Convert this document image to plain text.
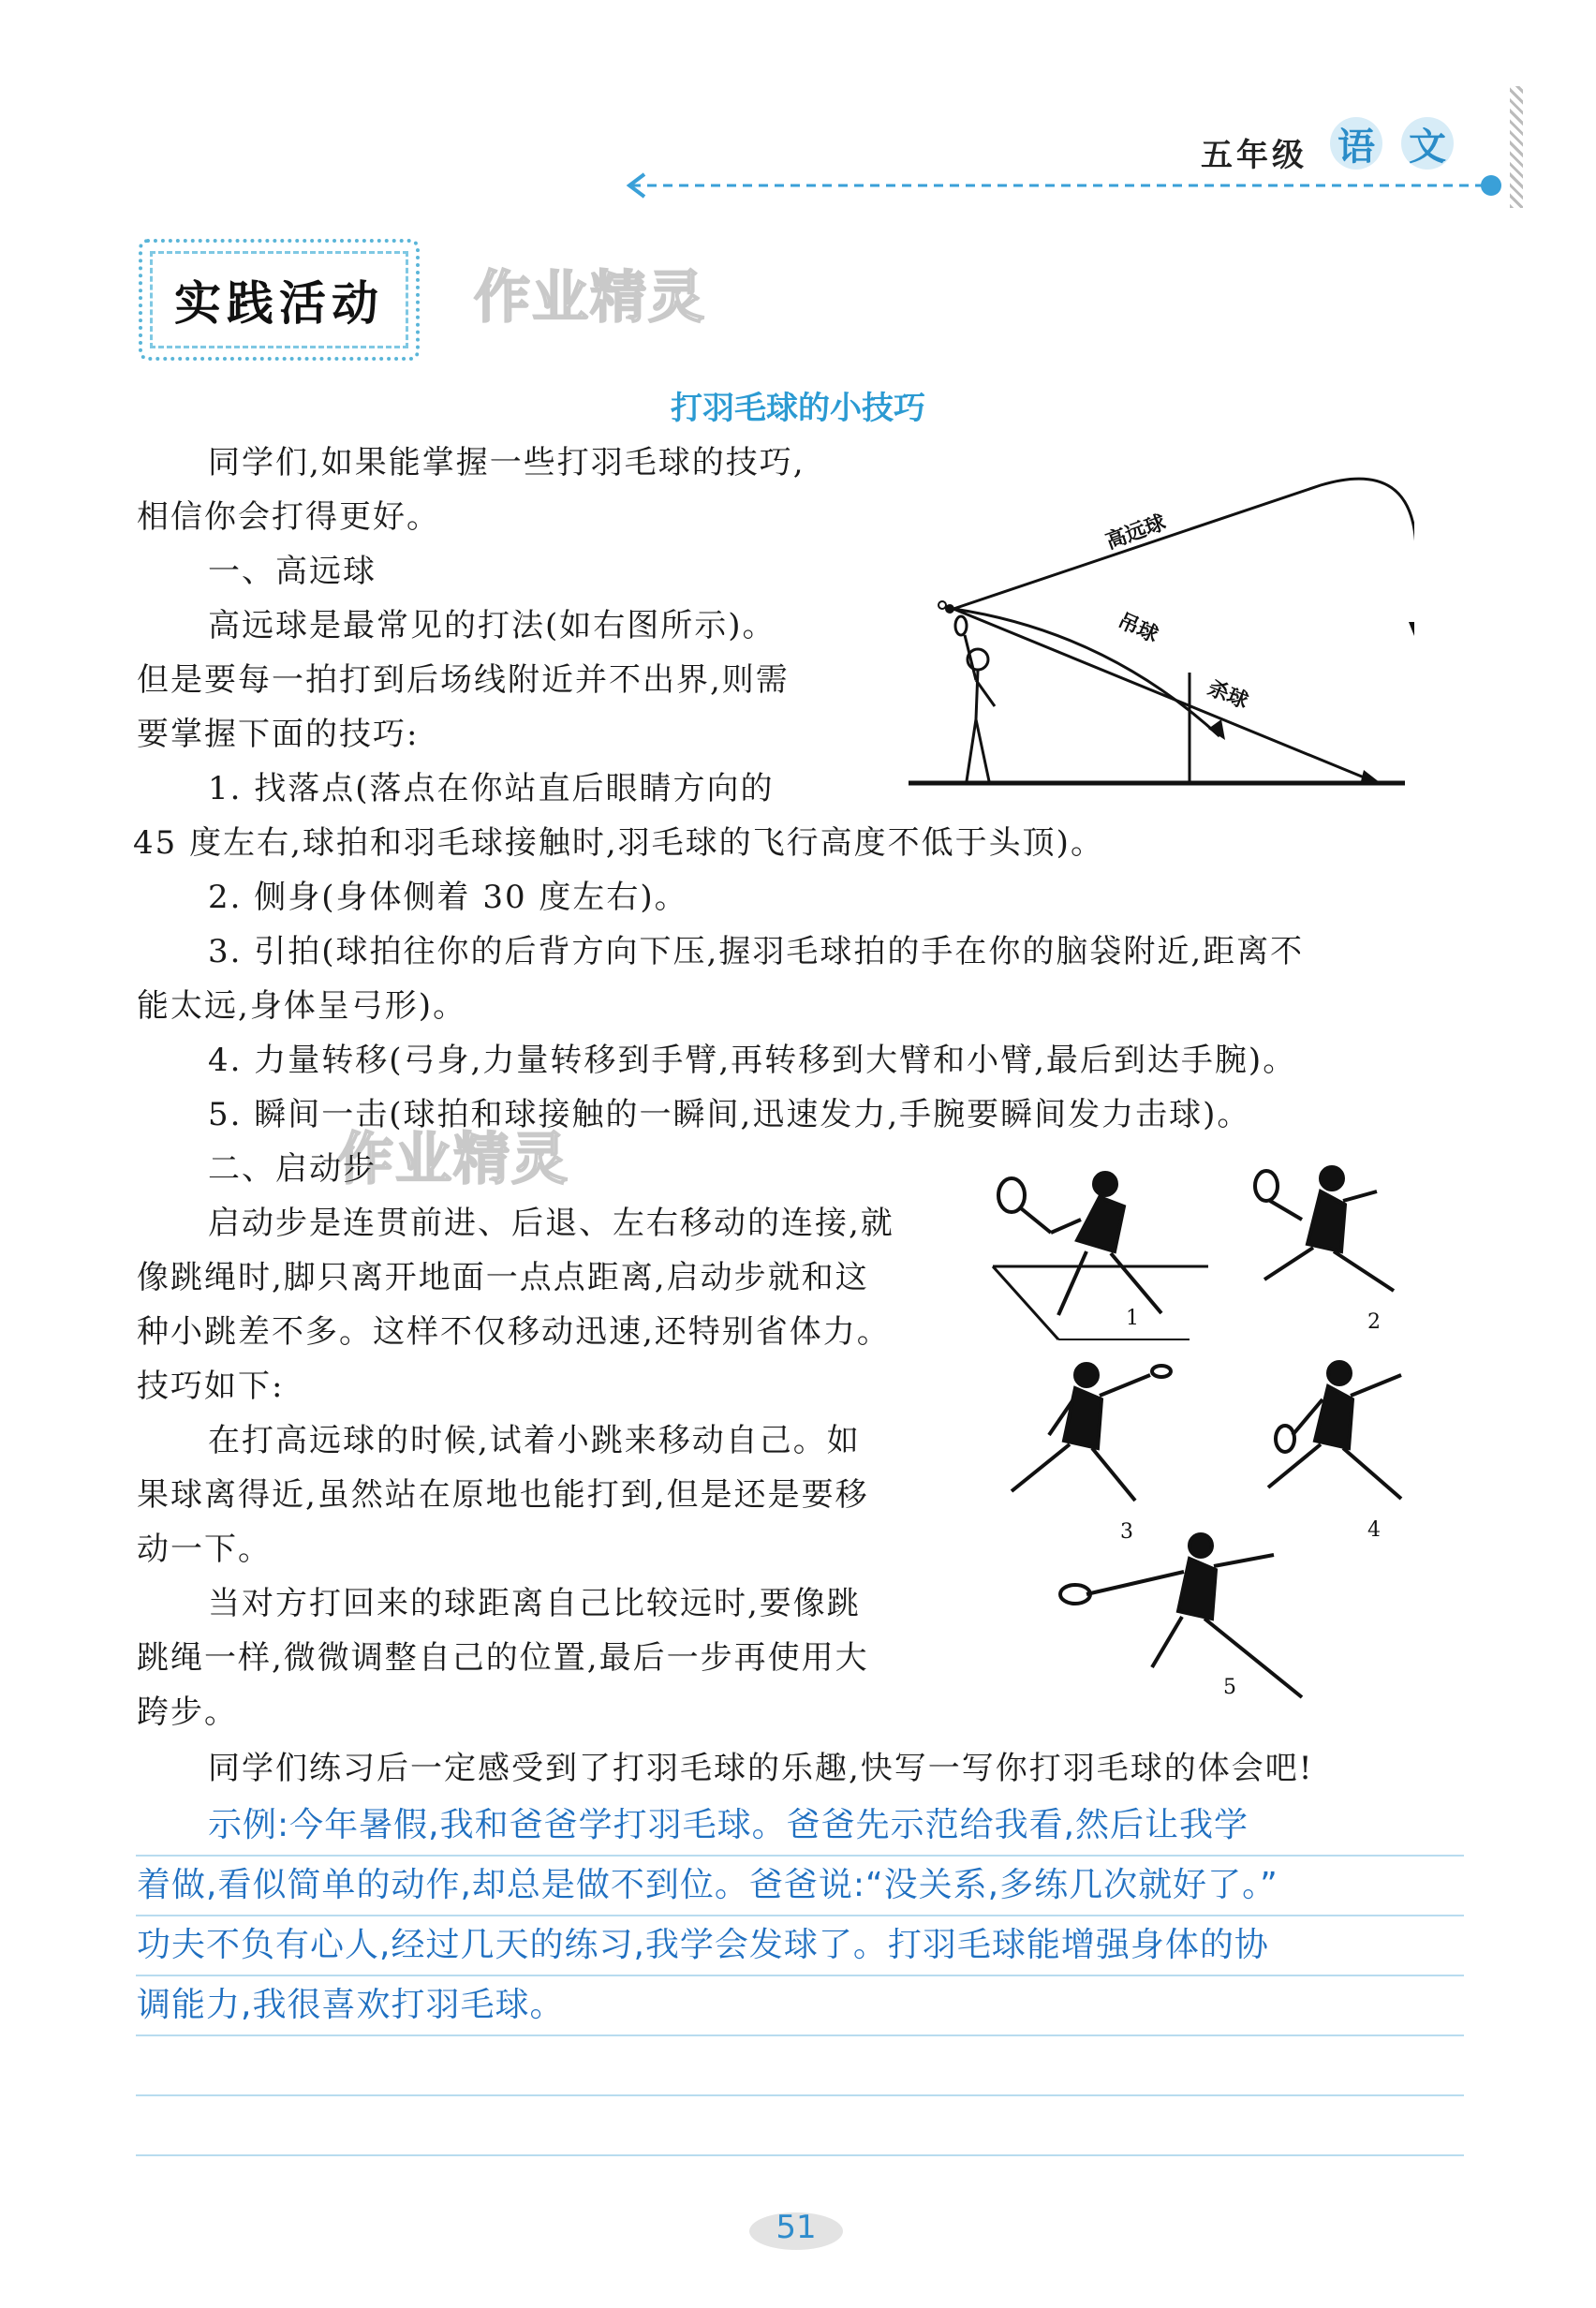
五年级 语 文
实践活动	作业精灵
作业精灵
打羽毛球的小技巧

同学们,如果能掌握一些打羽毛球的技巧,

相信你会打得更好。

一、高远球

高远球是最常见的打法(如右图所示)。

但是要每一拍打到后场线附近并不出界,则需

要掌握下面的技巧:

1. 找落点(落点在你站直后眼睛方向的

45 度左右,球拍和羽毛球接触时,羽毛球的飞行高度不低于头顶)。

2. 侧身(身体侧着 30 度左右)。

3. 引拍(球拍往你的后背方向下压,握羽毛球拍的手在你的脑袋附近,距离不

能太远,身体呈弓形)。

4. 力量转移(弓身,力量转移到手臂,再转移到大臂和小臂,最后到达手腕)。

5. 瞬间一击(球拍和球接触的一瞬间,迅速发力,手腕要瞬间发力击球)。

二、启动步

启动步是连贯前进、后退、左右移动的连接,就

像跳绳时,脚只离开地面一点点距离,启动步就和这

种小跳差不多。这样不仅移动迅速,还特别省体力。

技巧如下:

在打高远球的时候,试着小跳来移动自己。如

果球离得近,虽然站在原地也能打到,但是还是要移

动一下。

当对方打回来的球距离自己比较远时,要像跳

跳绳一样,微微调整自己的位置,最后一步再使用大

跨步。

同学们练习后一定感受到了打羽毛球的乐趣,快写一写你打羽毛球的体会吧!

高远球
吊球
杀球
1	2
3	4
5

示例:今年暑假,我和爸爸学打羽毛球。爸爸先示范给我看,然后让我学

着做,看似简单的动作,却总是做不到位。爸爸说:“没关系,多练几次就好了。”

功夫不负有心人,经过几天的练习,我学会发球了。打羽毛球能增强身体的协

调能力,我很喜欢打羽毛球。

51
